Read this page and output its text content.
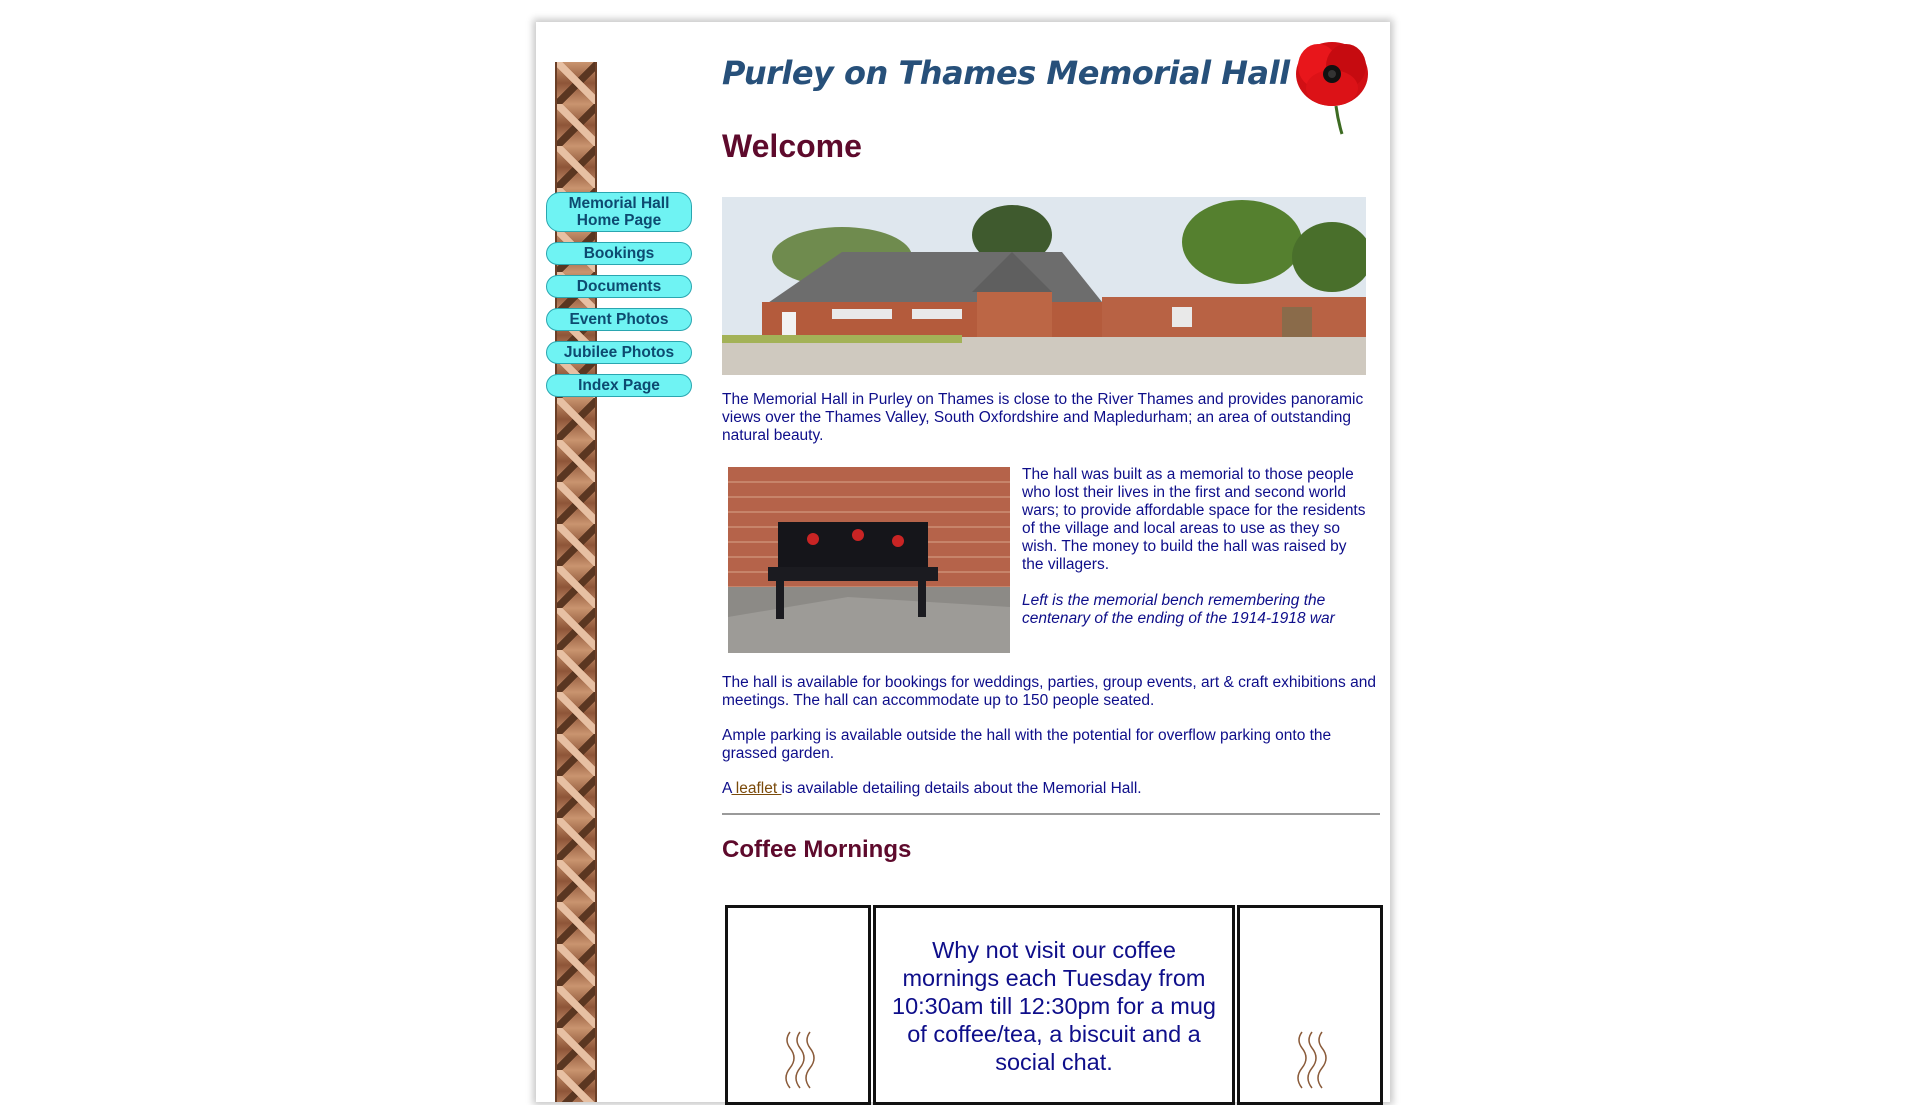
Memorial Hall Home Page
Bookings
Documents
Event Photos
Jubilee Photos
Index Page
Purley on Thames Memorial Hall
Welcome

The Memorial Hall in Purley on Thames is close to the River Thames and provides panoramic views over the Thames Valley, South Oxfordshire and Mapledurham; an area of outstanding natural beauty.

The hall was built as a memorial to those people who lost their lives in the first and second world wars; to provide affordable space for the residents of the village and local areas to use as they so wish. The money to build the hall was raised by the villagers.

Left is the memorial bench remembering the centenary of the ending of the 1914-1918 war

The hall is available for bookings for weddings, parties, group events, art & craft exhibitions and meetings. The hall can accommodate up to 150 people seated.

Ample parking is available outside the hall with the potential for overflow parking onto the grassed garden.

A leaflet is available detailing details about the Memorial Hall.

Coffee Mornings

Why not visit our coffee mornings each Tuesday from 10:30am till 12:30pm for a mug of coffee/tea, a biscuit and a social chat.
